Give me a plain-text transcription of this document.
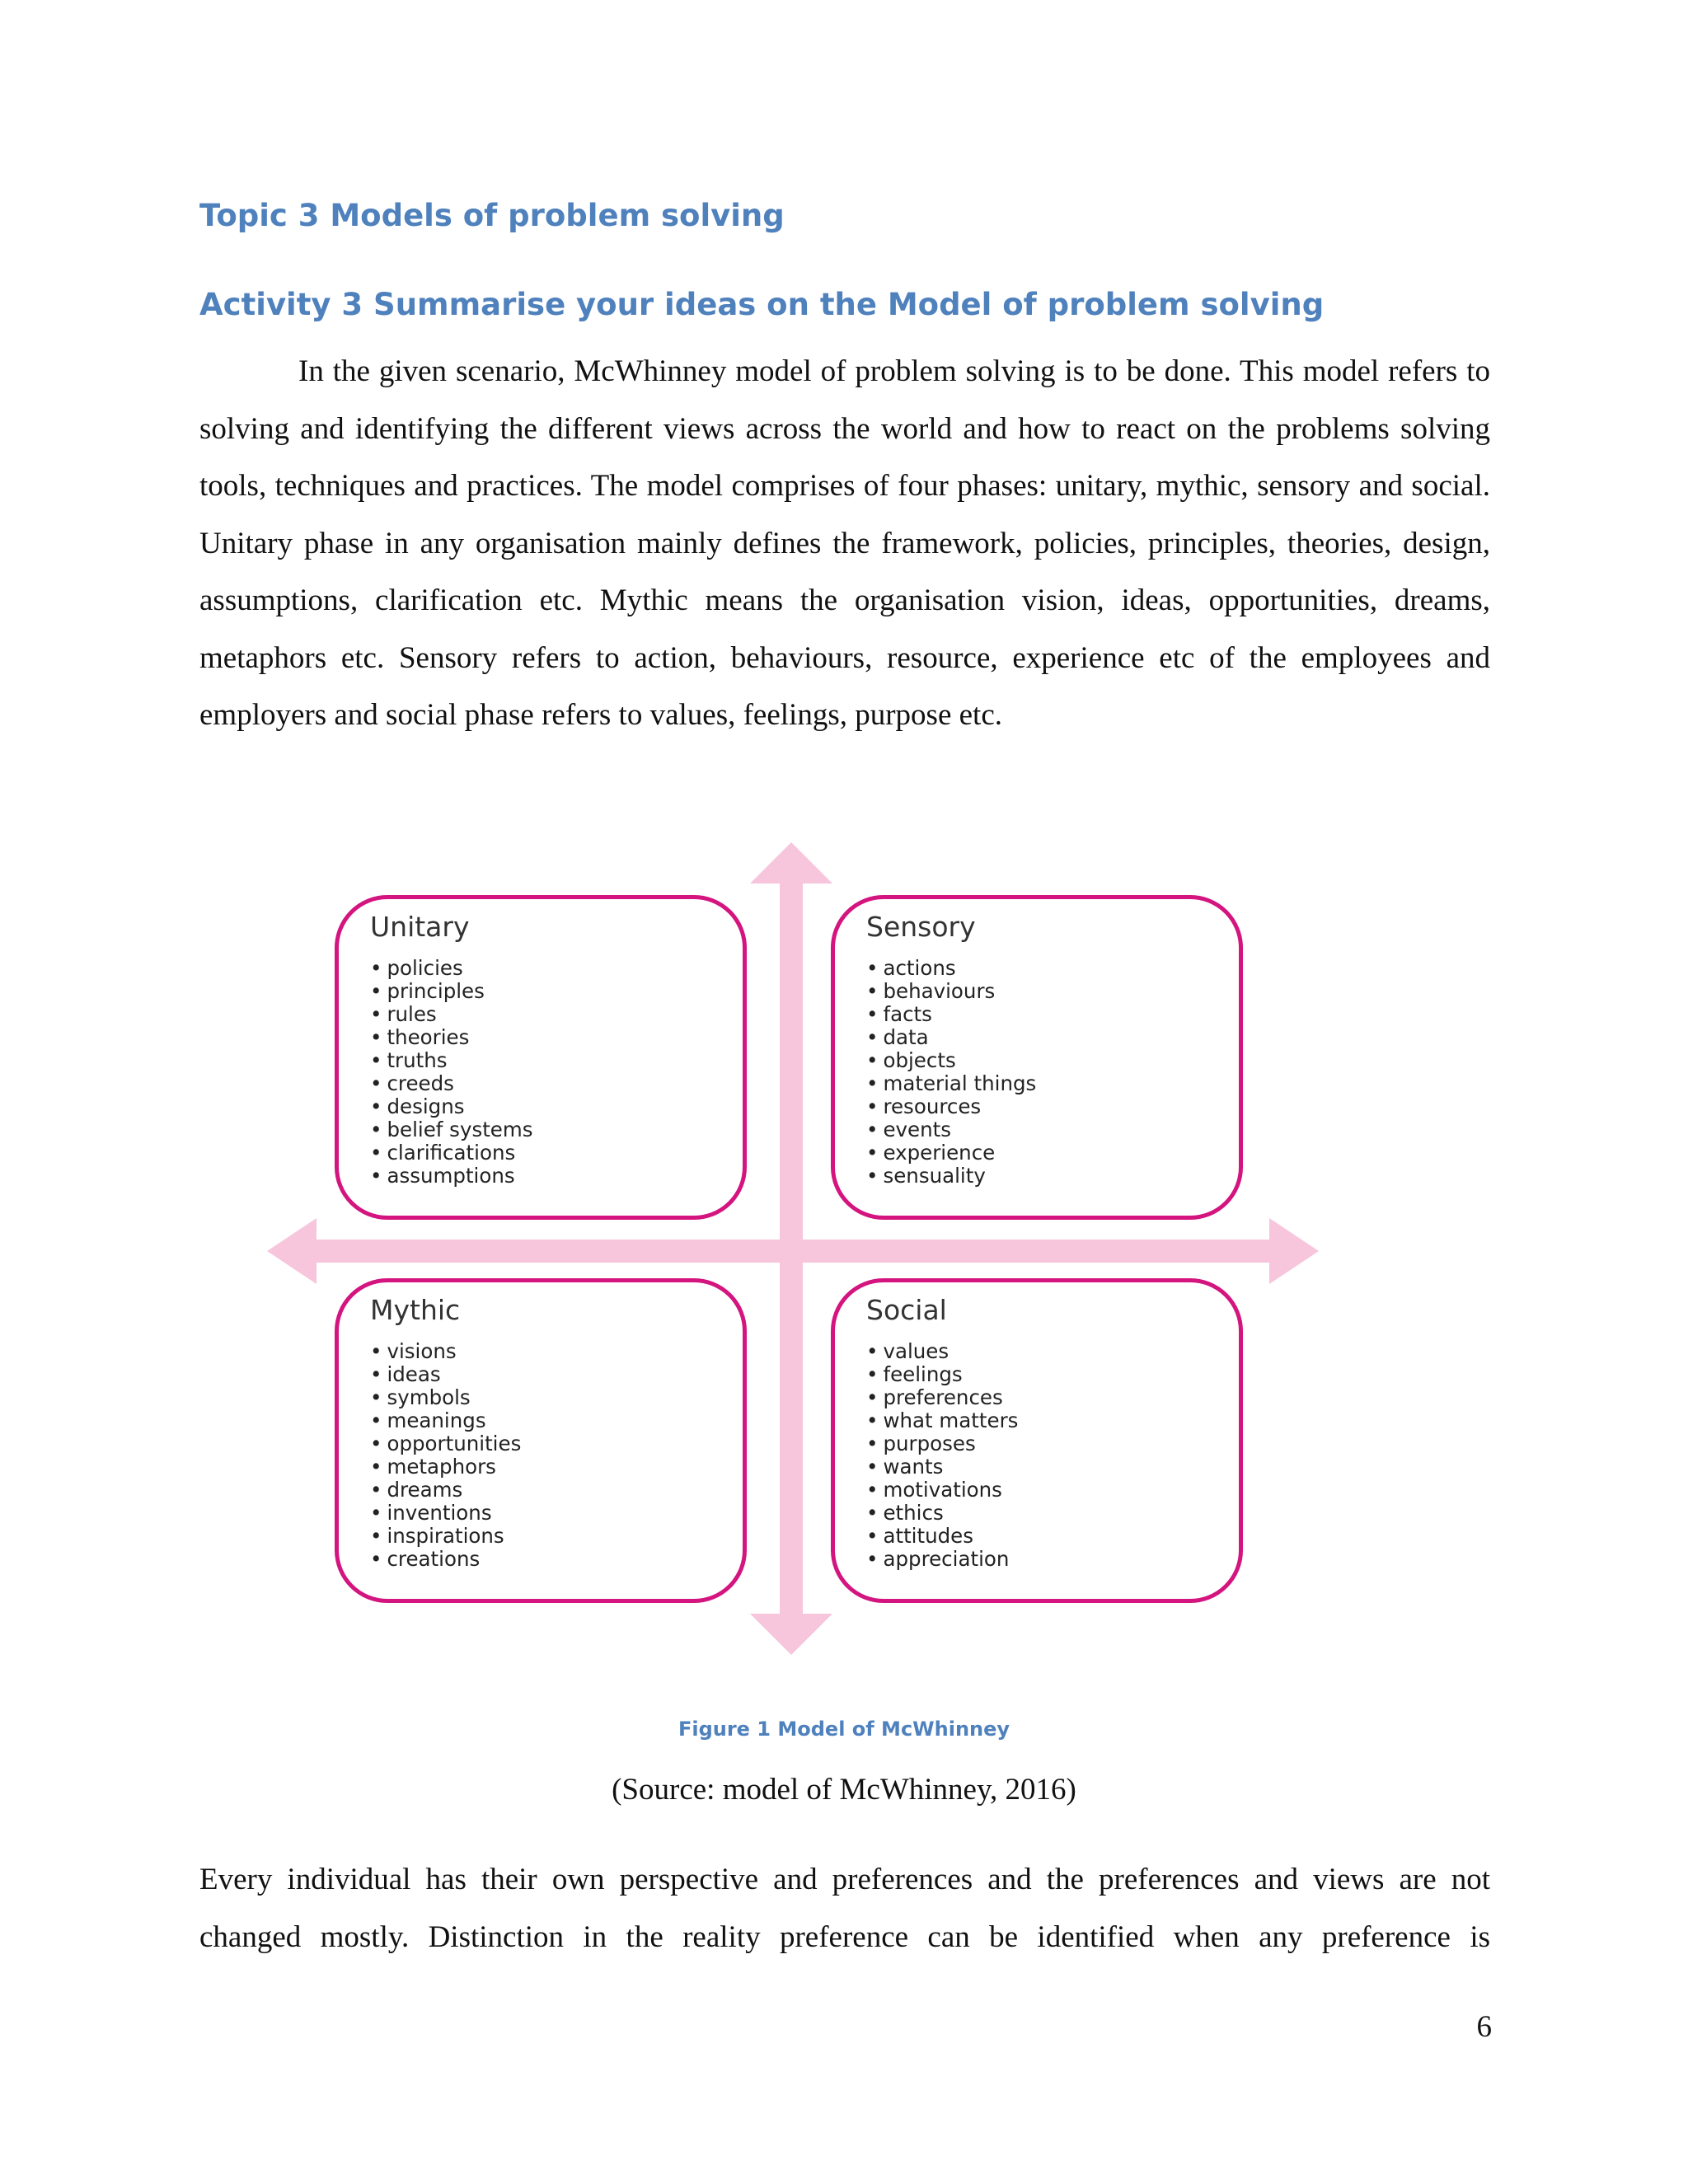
Topic 3 Models of problem solving
Activity 3 Summarise your ideas on the Model of problem solving

In the given scenario, McWhinney model of problem solving is to be done. This model refers to solving and identifying the different views across the world and how to react on the problems solving tools, techniques and practices. The model comprises of four phases: unitary, mythic, sensory and social. Unitary phase in any organisation mainly defines the framework, policies, principles, theories, design, assumptions, clarification etc. Mythic means the organisation vision, ideas, opportunities, dreams, metaphors etc. Sensory refers to action, behaviours, resource, experience etc of the employees and employers and social phase refers to values, feelings, purpose etc.

Unitary

• policies
• principles
• rules
• theories
• truths
• creeds
• designs
• belief systems
• clarifications
• assumptions

Sensory

• actions
• behaviours
• facts
• data
• objects
• material things
• resources
• events
• experience
• sensuality

Mythic

• visions
• ideas
• symbols
• meanings
• opportunities
• metaphors
• dreams
• inventions
• inspirations
• creations

Social

• values
• feelings
• preferences
• what matters
• purposes
• wants
• motivations
• ethics
• attitudes
• appreciation

Figure 1 Model of McWhinney

(Source: model of McWhinney, 2016)

Every individual has their own perspective and preferences and the preferences and views are not changed mostly. Distinction in the reality preference can be identified when any preference is

6
